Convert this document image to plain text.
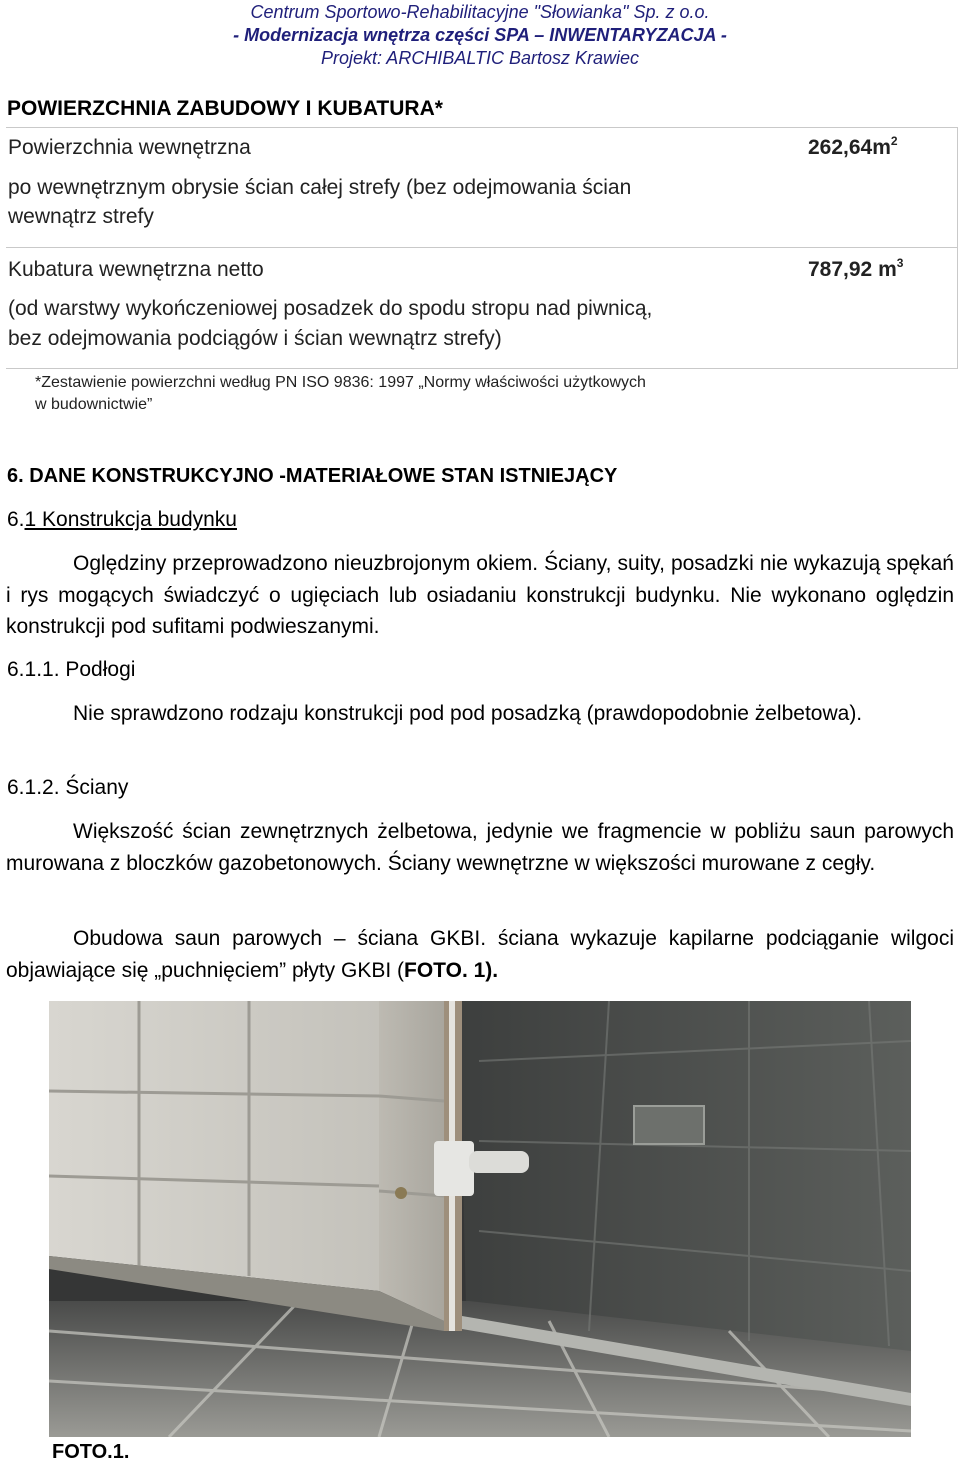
Centrum Sportowo-Rehabilitacyjne "Słowianka" Sp. z o.o.
- Modernizacja wnętrza części SPA – INWENTARYZACJA -
Projekt: ARCHIBALTIC Bartosz Krawiec
POWIERZCHNIA ZABUDOWY I KUBATURA*
Powierzchnia wewnętrzna	$262,64m^2$
po wewnętrznym obrysie ścian całej strefy (bez odejmowania ścian
wewnątrz strefy
Kubatura wewnętrzna netto	787,92 $m^3$
(od warstwy wykończeniowej posadzek do spodu stropu nad piwnicą,
bez odejmowania podciągów i ścian wewnątrz strefy)
*Zestawienie powierzchni według PN ISO 9836: 1997 „Normy właściwości użytkowych
w budownictwie”
6. DANE KONSTRUKCYJNO -MATERIAŁOWE STAN ISTNIEJĄCY
6.1 Konstrukcja budynku
Oględziny przeprowadzono nieuzbrojonym okiem. Ściany, suity, posadzki nie wykazują spękań i rys mogących świadczyć o ugięciach lub osiadaniu konstrukcji budynku. Nie wykonano oględzin konstrukcji pod sufitami podwieszanymi.
6.1.1. Podłogi
Nie sprawdzono rodzaju konstrukcji pod pod posadzką (prawdopodobnie żelbetowa).
6.1.2. Ściany
Większość ścian zewnętrznych żelbetowa, jedynie we fragmencie w pobliżu saun parowych murowana z bloczków gazobetonowych. Ściany wewnętrzne w większości murowane z cegły.
Obudowa saun parowych – ściana GKBI. ściana wykazuje kapilarne podciąganie wilgoci objawiające się „puchnięciem” płyty GKBI (FOTO. 1).
FOTO.1.
